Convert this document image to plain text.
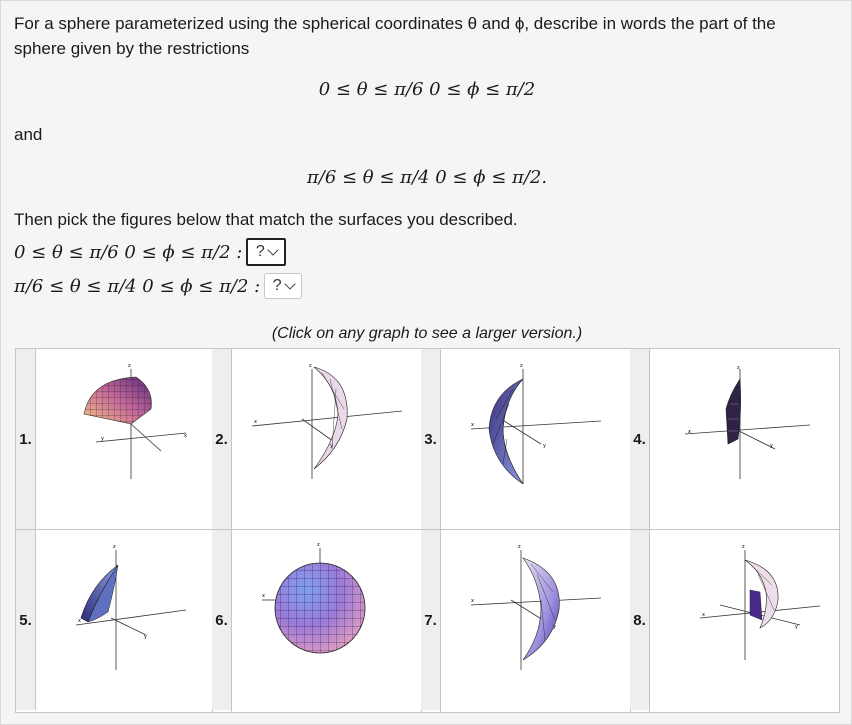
For a sphere parameterized using the spherical coordinates θ and ϕ, describe in words the part of the sphere given by the restrictions
0 ≤ θ ≤ π/6 0 ≤ ϕ ≤ π/2
and
π/6 ≤ θ ≤ π/4 0 ≤ ϕ ≤ π/2.
Then pick the figures below that match the surfaces you described.
0 ≤ θ ≤ π/6 0 ≤ ϕ ≤ π/2 : ?
π/6 ≤ θ ≤ π/4 0 ≤ ϕ ≤ π/2 : ?
(Click on any graph to see a larger version.)
1.	x
y
z
2.
x
y
z
3.
x
y
z
4.	x
y
z
5.	x
y
z
6.
z
x
7.
x
y
z
8.	x
y
z
